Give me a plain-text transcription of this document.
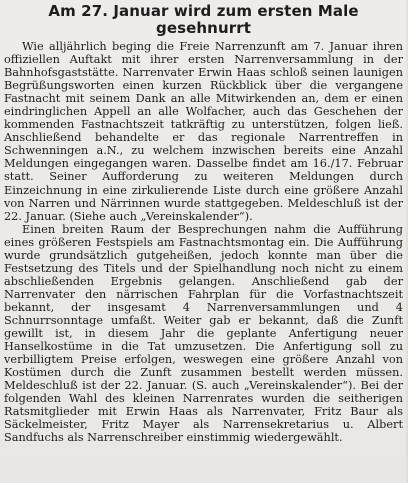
Am 27. Januar wird zum ersten Male
gesehnurrt

Wie alljährlich beging die Freie Narrenzunft am 7. Januar ihren offiziellen Auftakt mit ihrer ersten Narrenversammlung in der Bahnhofsgaststätte. Narrenvater Erwin Haas schloß seinen launigen Begrüßungsworten einen kurzen Rückblick über die vergangene Fastnacht mit seinem Dank an alle Mitwirkenden an, dem er einen eindringlichen Appell an alle Wolfacher, auch das Geschehen der kommenden Fastnachtszeit tatkräftig zu unterstützen, folgen ließ. Anschließend behandelte er das regionale Narrentreffen in Schwenningen a.N., zu welchem inzwischen bereits eine Anzahl Meldungen eingegangen waren. Dasselbe findet am 16./17. Februar statt. Seiner Aufforderung zu weiteren Meldungen durch Einzeichnung in eine zirkulierende Liste durch eine größere Anzahl von Narren und Närrinnen wurde stattgegeben. Meldeschluß ist der 22. Januar. (Siehe auch „Vereinskalender“).

Einen breiten Raum der Besprechungen nahm die Aufführung eines größeren Festspiels am Fastnachtsmontag ein. Die Aufführung wurde grundsätzlich gutgeheißen, jedoch konnte man über die Festsetzung des Titels und der Spielhandlung noch nicht zu einem abschließenden Ergebnis gelangen. Anschließend gab der Narrenvater den närrischen Fahrplan für die Vorfastnachtszeit bekannt, der insgesamt 4 Narrenversammlungen und 4 Schnurrsonntage umfaßt. Weiter gab er bekannt, daß die Zunft gewillt ist, in diesem Jahr die geplante Anfertigung neuer Hanselkostüme in die Tat umzusetzen. Die Anfertigung soll zu verbilligtem Preise erfolgen, weswegen eine größere Anzahl von Kostümen durch die Zunft zusammen bestellt werden müssen. Meldeschluß ist der 22. Januar. (S. auch „Vereinskalender“). Bei der folgenden Wahl des kleinen Narrenrates wurden die seitherigen Ratsmitglieder mit Erwin Haas als Narrenvater, Fritz Baur als Säckelmeister, Fritz Mayer als Narrensekretarius u. Albert Sandfuchs als Narrenschreiber einstimmig wiedergewählt.
